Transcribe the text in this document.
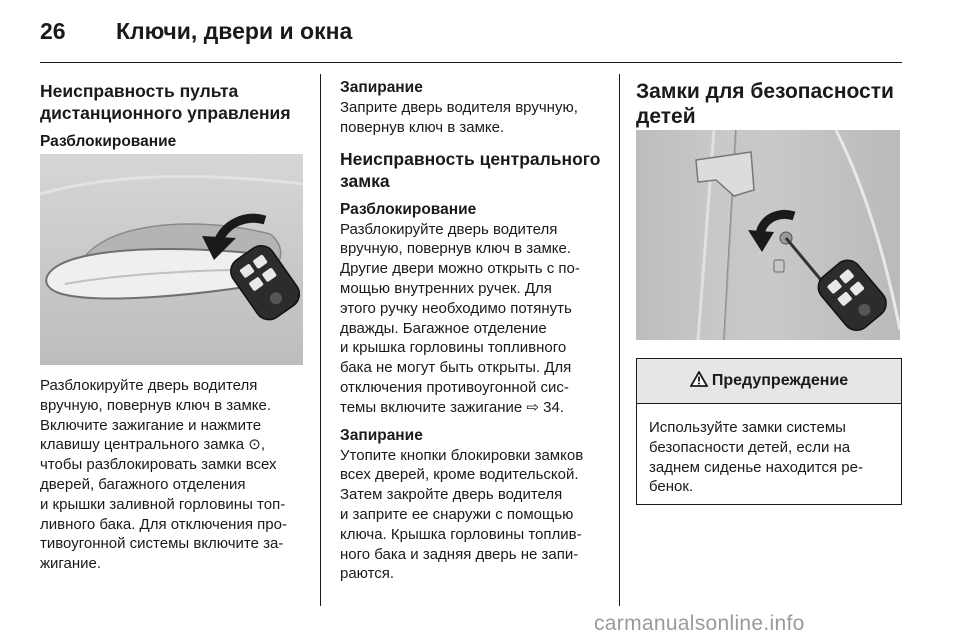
26 Ключи, двери и окна
Неисправность пульта
дистанционного управления
Разблокирование
Разблокируйте дверь водителя
вручную, повернув ключ в замке.
Включите зажигание и нажмите
клавишу центрального замка ⊙,
чтобы разблокировать замки всех
дверей, багажного отделения
и крышки заливной горловины топ-
ливного бака. Для отключения про-
тивоугонной системы включите за-
жигание.
Запирание
Заприте дверь водителя вручную,
повернув ключ в замке.
Неисправность центрального
замка
Разблокирование
Разблокируйте дверь водителя
вручную, повернув ключ в замке.
Другие двери можно открыть с по-
мощью внутренних ручек. Для
этого ручку необходимо потянуть
дважды. Багажное отделение
и крышка горловины топливного
бака не могут быть открыты. Для
отключения противоугонной сис-
темы включите зажигание ⇨ 34.
Запирание
Утопите кнопки блокировки замков
всех дверей, кроме водительской.
Затем закройте дверь водителя
и заприте ее снаружи с помощью
ключа. Крышка горловины топлив-
ного бака и задняя дверь не запи-
раются.
Замки для безопасности
детей
Предупреждение
Используйте замки системы
безопасности детей, если на
заднем сиденье находится ре-
бенок.
carmanualsonline.info
